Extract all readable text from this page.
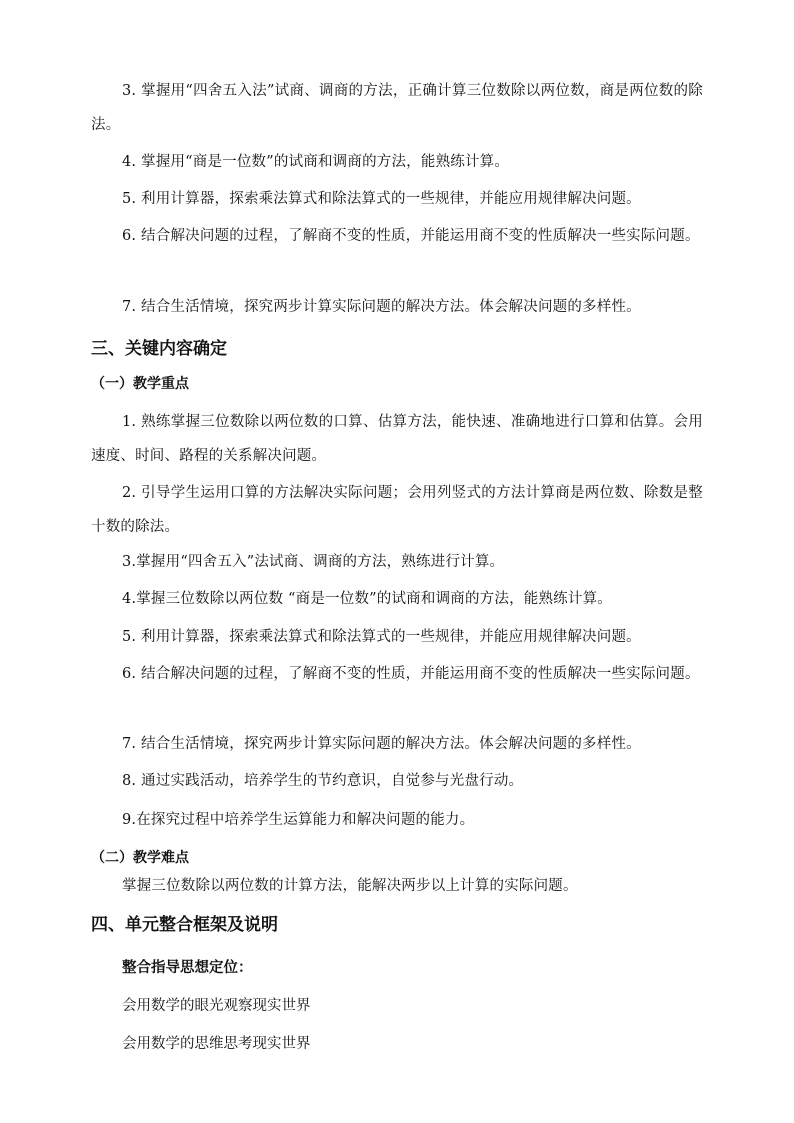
3. 掌握用“四舍五入法”试商、调商的方法，正确计算三位数除以两位数，商是两位数的除法。

4. 掌握用“商是一位数”的试商和调商的方法，能熟练计算。

5. 利用计算器，探索乘法算式和除法算式的一些规律，并能应用规律解决问题。

6. 结合解决问题的过程，了解商不变的性质，并能运用商不变的性质解决一些实际问题。

7. 结合生活情境，探究两步计算实际问题的解决方法。体会解决问题的多样性。

三、关键内容确定
（一）教学重点

1. 熟练掌握三位数除以两位数的口算、估算方法，能快速、准确地进行口算和估算。会用速度、时间、路程的关系解决问题。

2. 引导学生运用口算的方法解决实际问题；会用列竖式的方法计算商是两位数、除数是整十数的除法。

3.掌握用“四舍五入”法试商、调商的方法，熟练进行计算。

4.掌握三位数除以两位数 “商是一位数”的试商和调商的方法，能熟练计算。

5. 利用计算器，探索乘法算式和除法算式的一些规律，并能应用规律解决问题。

6. 结合解决问题的过程，了解商不变的性质，并能运用商不变的性质解决一些实际问题。

7. 结合生活情境，探究两步计算实际问题的解决方法。体会解决问题的多样性。

8. 通过实践活动，培养学生的节约意识，自觉参与光盘行动。

9.在探究过程中培养学生运算能力和解决问题的能力。

（二）教学难点

掌握三位数除以两位数的计算方法，能解决两步以上计算的实际问题。

四、单元整合框架及说明

整合指导思想定位：

会用数学的眼光观察现实世界

会用数学的思维思考现实世界
